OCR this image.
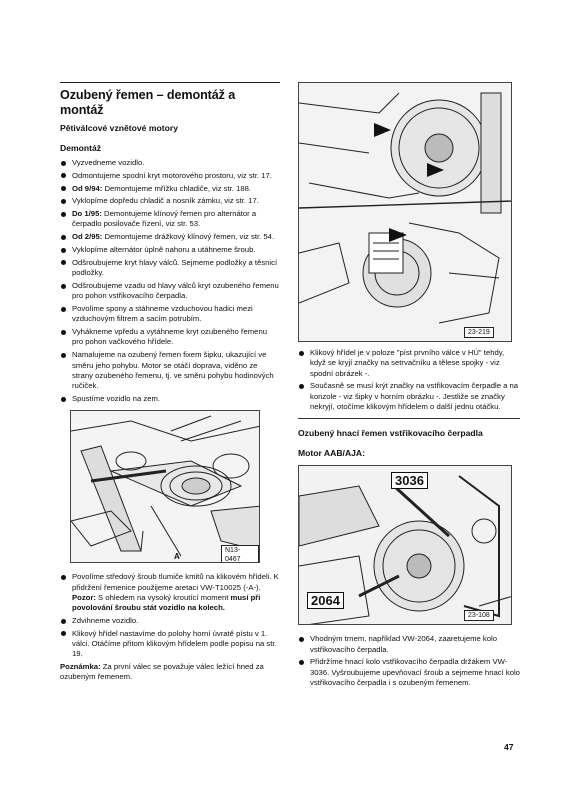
Ozubený řemen – demontáž a montáž
Pětiválcové vznětové motory
Demontáž
Vyzvedneme vozidlo.
Odmontujeme spodní kryt motorového prostoru, viz str. 17.
Od 9/94: Demontujeme mřížku chladiče, viz str. 188.
Vyklopíme dopředu chladič a nosník zámku, viz str. 17.
Do 1/95: Demontujeme klínový řemen pro alternátor a čerpadlo posilovače řízení, viz str. 53.
Od 2/95: Demontujeme drážkový klínový řemen, viz str. 54.
Vyklopíme alternátor úplně nahoru a utáhneme šroub.
Odšroubujeme kryt hlavy válců. Sejmeme podložky a těsnicí podložky.
Odšroubujeme vzadu od hlavy válců kryt ozubeného řemenu pro pohon vstřikovacího čerpadla.
Povolíme spony a stáhneme vzduchovou hadici mezi vzduchovým filtrem a sacím potrubím.
Vyháknеme vpředu a vytáhneme kryt ozubeného řemenu pro pohon vačkového hřídele.
Namalujeme na ozubený řemen fixem šipku, ukazující ve směru jeho pohybu. Motor se otáčí doprava, viděno ze strany ozubeného řemenu, tj. ve směru pohybu hodinových ručiček.
Spustíme vozidlo na zem.
N13-0467
A
Povolíme středový šroub tlumiče kmitů na klikovém hřídeli. K přidržení řemenice použijeme aretaci VW-T10025 (-A-). Pozor: S ohledem na vysoký kroutící moment musí při povolování šroubu stát vozidlo na kolech.
Zdvihneme vozidlo.
Klikový hřídel nastavíme do polohy horní úvratě pístu v 1. válci. Otáčíme přitom klikovým hřídelem podle popisu na str. 19.

Poznámka: Za první válec se považuje válec ležící hned za ozubeným řemenem.

23-219
Klikový hřídel je v poloze "píst prvního válce v HÚ" tehdy, když se kryjí značky na setrvačníku a tělese spojky - viz spodní obrázek -.
Současně se musí krýt značky na vstřikovacím čerpadle a na konzole - viz šipky v horním obrázku -. Jestliže se značky nekryjí, otočíme klikovým hřídelem o další jednu otáčku.
Ozubený hnací řemen vstřikovacího čerpadla
Motor AAB/AJA:
3036
2064
23-108
Vhodným trnem, například VW-2064, zaaretujeme kolo vstřikovacího čerpadla.
Přidržíme hnací kolo vstřikovacího čerpadla držákem VW-3036. Vyšroubujeme upevňovací šroub a sejmeme hnací kolo vstřikovacího čerpadla i s ozubeným řemenem.
47
